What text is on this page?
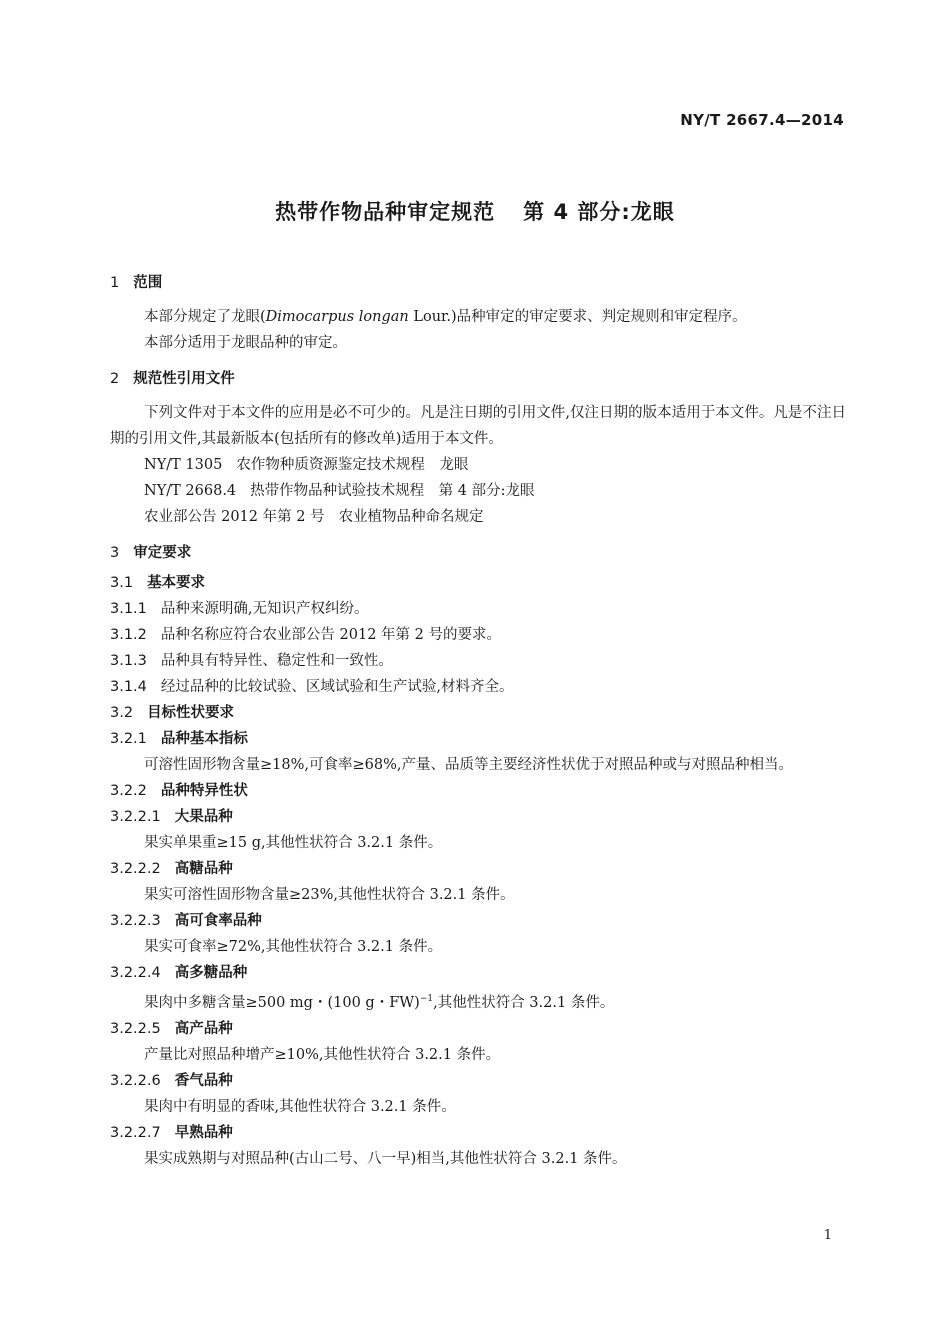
NY/T 2667.4—2014
热带作物品种审定规范 第 4 部分:龙眼
1 范围
本部分规定了龙眼(Dimocarpus longan Lour.)品种审定的审定要求、判定规则和审定程序。
本部分适用于龙眼品种的审定。
2 规范性引用文件
下列文件对于本文件的应用是必不可少的。凡是注日期的引用文件,仅注日期的版本适用于本文件。凡是不注日期的引用文件,其最新版本(包括所有的修改单)适用于本文件。
NY/T 1305 农作物种质资源鉴定技术规程　龙眼
NY/T 2668.4 热带作物品种试验技术规程　第 4 部分:龙眼
农业部公告 2012 年第 2 号 农业植物品种命名规定
3 审定要求
3.1 基本要求
3.1.1 品种来源明确,无知识产权纠纷。
3.1.2 品种名称应符合农业部公告 2012 年第 2 号的要求。
3.1.3 品种具有特异性、稳定性和一致性。
3.1.4 经过品种的比较试验、区域试验和生产试验,材料齐全。
3.2 目标性状要求
3.2.1 品种基本指标
可溶性固形物含量≥18%,可食率≥68%,产量、品质等主要经济性状优于对照品种或与对照品种相当。
3.2.2 品种特异性状
3.2.2.1 大果品种
果实单果重≥15 g,其他性状符合 3.2.1 条件。
3.2.2.2 高糖品种
果实可溶性固形物含量≥23%,其他性状符合 3.2.1 条件。
3.2.2.3 高可食率品种
果实可食率≥72%,其他性状符合 3.2.1 条件。
3.2.2.4 高多糖品种
果肉中多糖含量≥500 mg・(100 g・FW)$^{-1}$,其他性状符合 3.2.1 条件。
3.2.2.5 高产品种
产量比对照品种增产≥10%,其他性状符合 3.2.1 条件。
3.2.2.6 香气品种
果肉中有明显的香味,其他性状符合 3.2.1 条件。
3.2.2.7 早熟品种
果实成熟期与对照品种(古山二号、八一早)相当,其他性状符合 3.2.1 条件。
1
